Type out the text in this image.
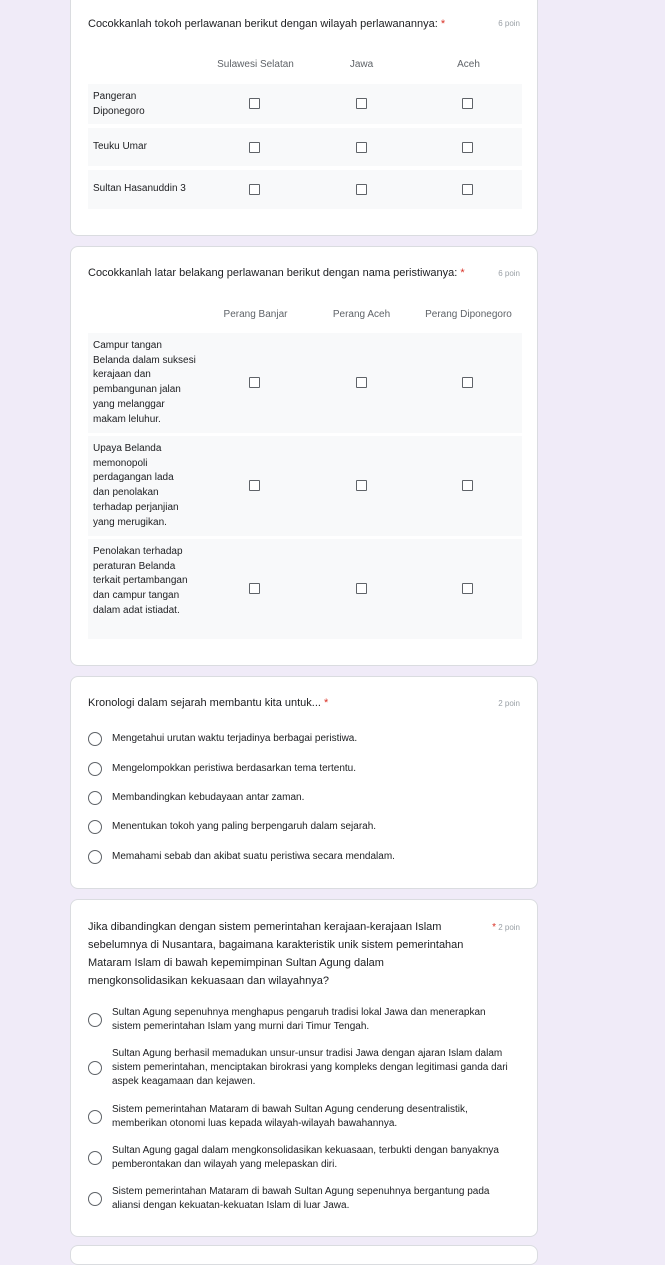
Cocokkanlah tokoh perlawanan berikut dengan wilayah perlawanannya: *	6 poin
Sulawesi Selatan	Jawa	Aceh
Pangeran Diponegoro
Teuku Umar
Sultan Hasanuddin 3
Cocokkanlah latar belakang perlawanan berikut dengan nama peristiwanya: *	6 poin
Perang Banjar	Perang Aceh	Perang Diponegoro
Campur tangan Belanda dalam suksesi kerajaan dan pembangunan jalan yang melanggar makam leluhur.
Upaya Belanda memonopoli perdagangan lada dan penolakan terhadap perjanjian yang merugikan.
Penolakan terhadap peraturan Belanda terkait pertambangan dan campur tangan dalam adat istiadat.
Kronologi dalam sejarah membantu kita untuk... *	2 poin
Mengetahui urutan waktu terjadinya berbagai peristiwa.
Mengelompokkan peristiwa berdasarkan tema tertentu.
Membandingkan kebudayaan antar zaman.
Menentukan tokoh yang paling berpengaruh dalam sejarah.
Memahami sebab dan akibat suatu peristiwa secara mendalam.
Jika dibandingkan dengan sistem pemerintahan kerajaan-kerajaan Islam sebelumnya di Nusantara, bagaimana karakteristik unik sistem pemerintahan Mataram Islam di bawah kepemimpinan Sultan Agung dalam mengkonsolidasikan kekuasaan dan wilayahnya?
* 2 poin
Sultan Agung sepenuhnya menghapus pengaruh tradisi lokal Jawa dan menerapkan sistem pemerintahan Islam yang murni dari Timur Tengah.
Sultan Agung berhasil memadukan unsur-unsur tradisi Jawa dengan ajaran Islam dalam sistem pemerintahan, menciptakan birokrasi yang kompleks dengan legitimasi ganda dari aspek keagamaan dan kejawen.
Sistem pemerintahan Mataram di bawah Sultan Agung cenderung desentralistik, memberikan otonomi luas kepada wilayah-wilayah bawahannya.
Sultan Agung gagal dalam mengkonsolidasikan kekuasaan, terbukti dengan banyaknya pemberontakan dan wilayah yang melepaskan diri.
Sistem pemerintahan Mataram di bawah Sultan Agung sepenuhnya bergantung pada aliansi dengan kekuatan-kekuatan Islam di luar Jawa.
